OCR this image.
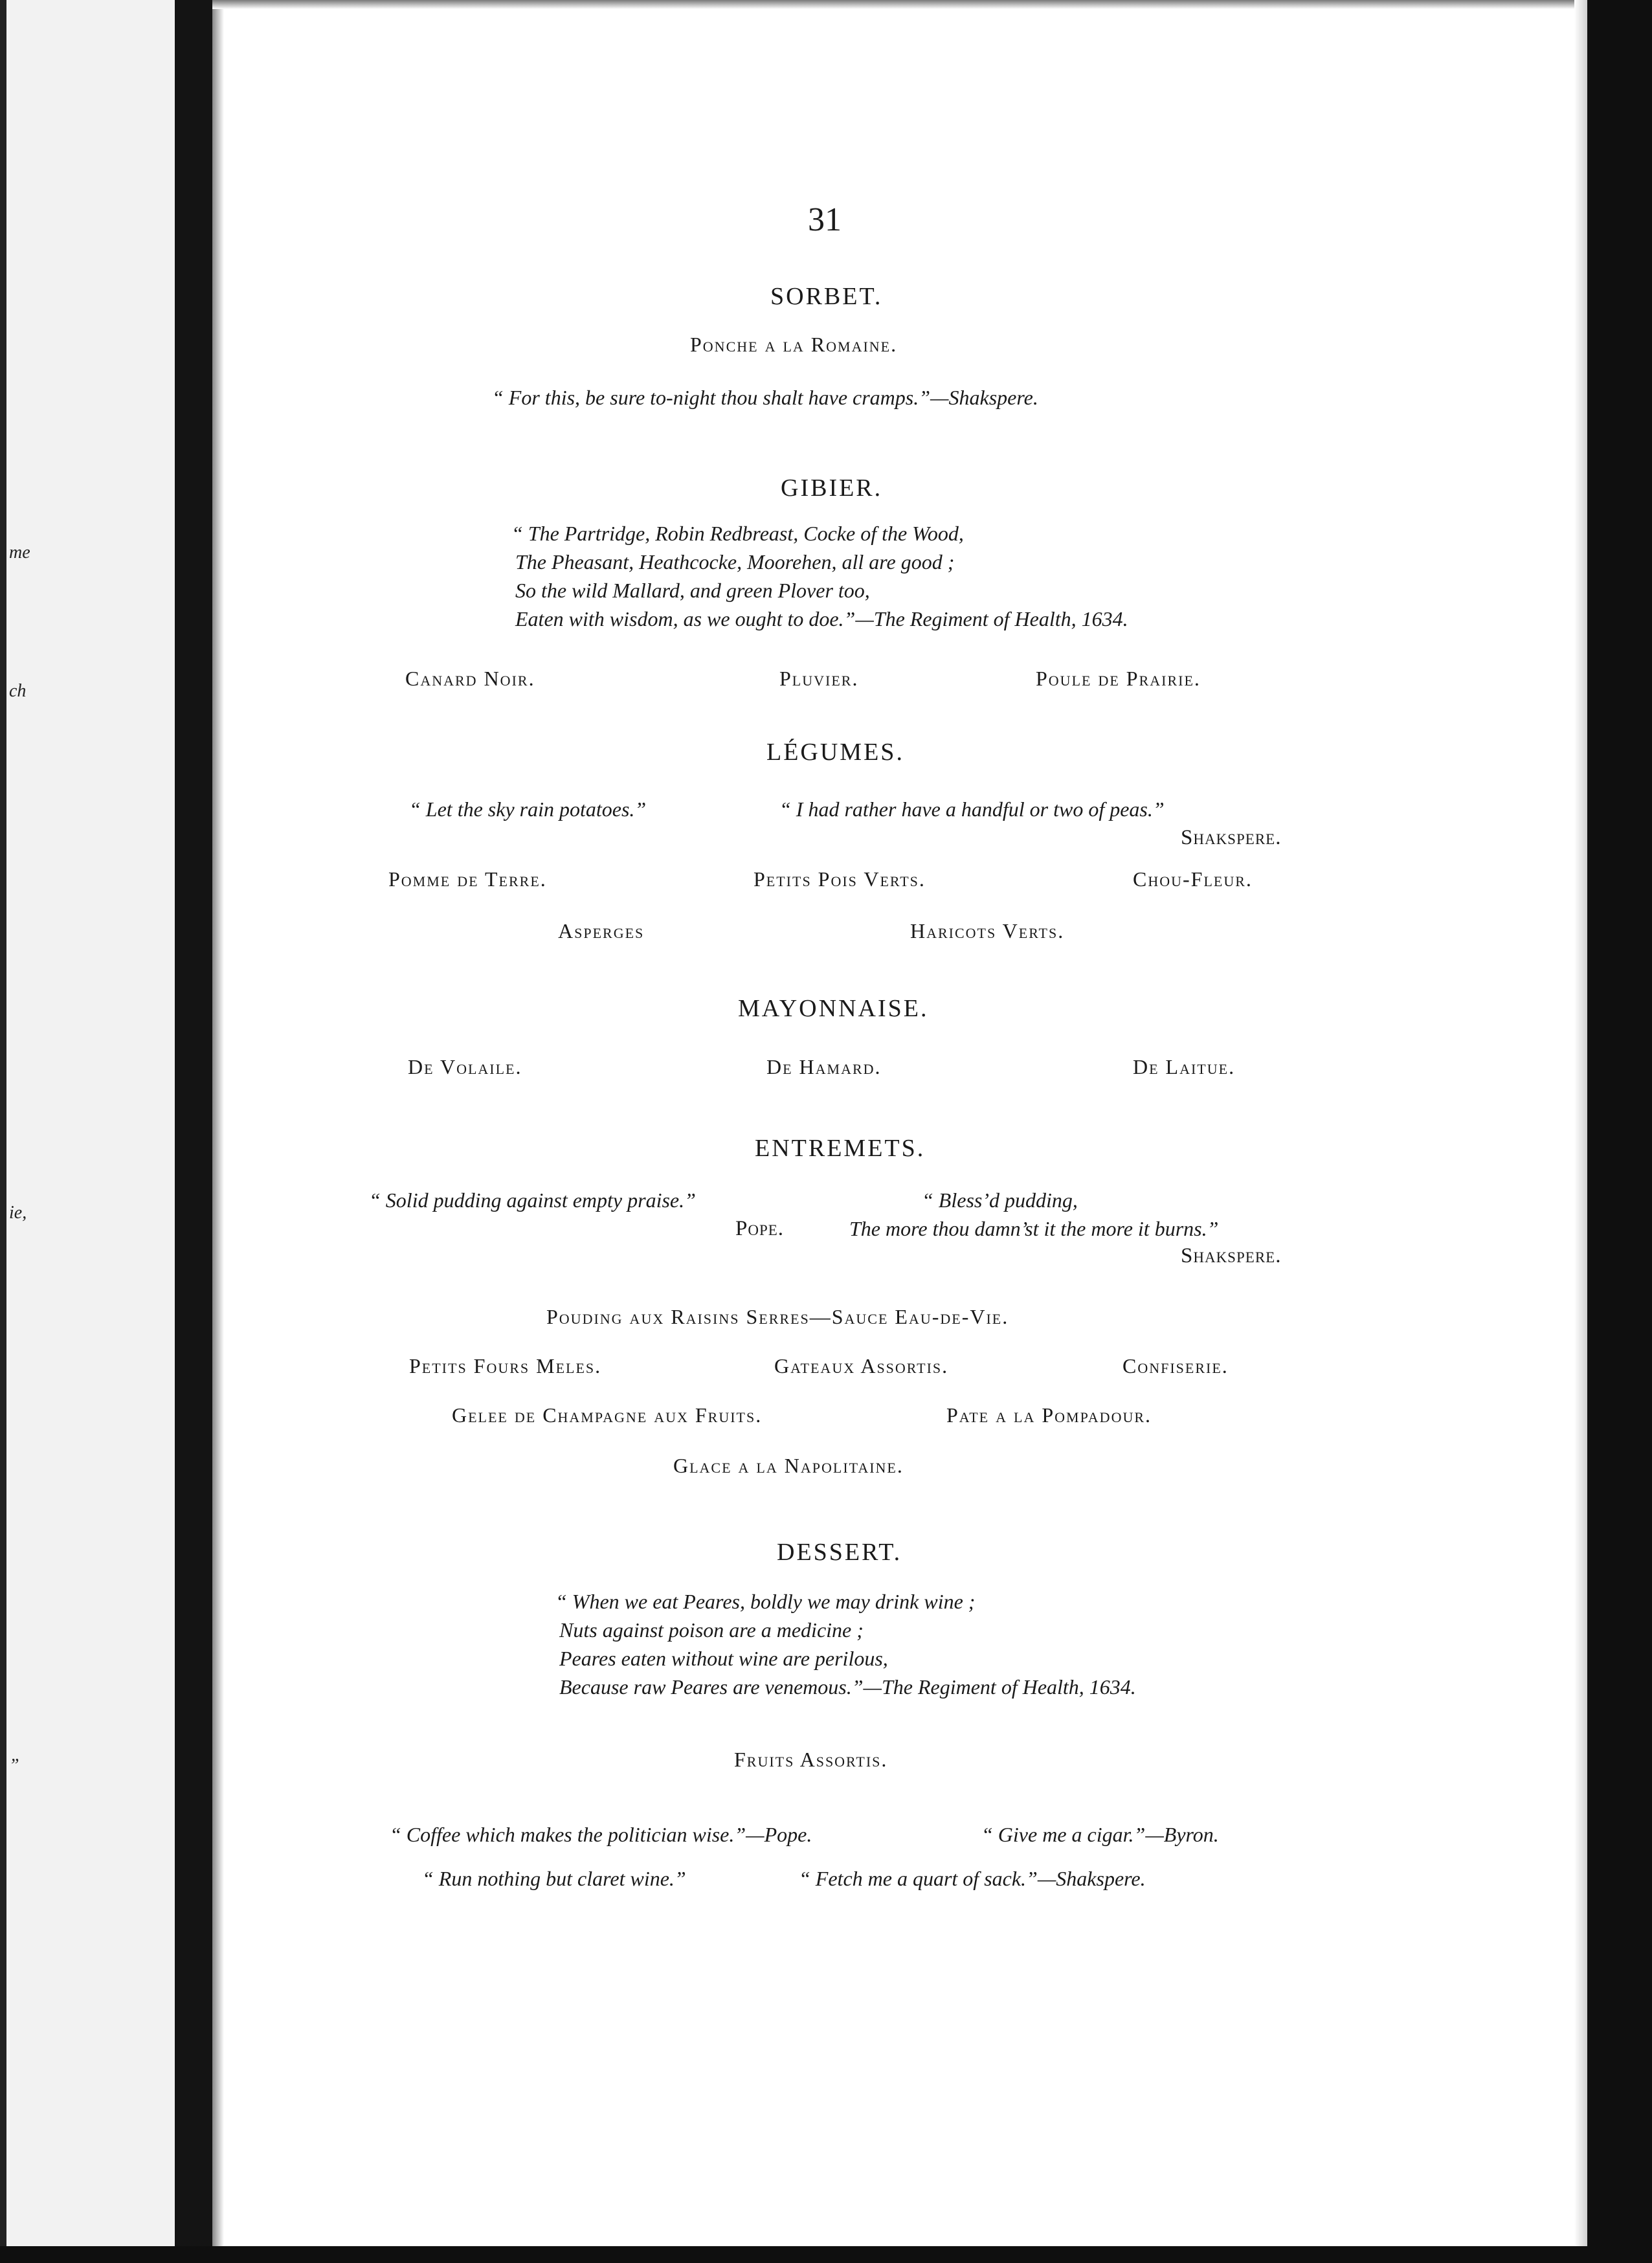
me
ch
ie,
”
31
SORBET.
Ponche a la Romaine.
“ For this, be sure to-night thou shalt have cramps.”—Shakspere.
GIBIER.
“ The Partridge, Robin Redbreast, Cocke of the Wood,
The Pheasant, Heathcocke, Moorehen, all are good ;
So the wild Mallard, and green Plover too,
Eaten with wisdom, as we ought to doe.”—The Regiment of Health, 1634.
Canard Noir.	Pluvier.	Poule de Prairie.
LÉGUMES.
“ Let the sky rain potatoes.”	“ I had rather have a handful or two of peas.”
Shakspere.
Pomme de Terre.	Petits Pois Verts.	Chou-Fleur.
Asperges	Haricots Verts.
MAYONNAISE.
De Volaile.	De Hamard.	De Laitue.
ENTREMETS.
“ Solid pudding against empty praise.”
Pope.
“ Bless’d pudding,
The more thou damn’st it the more it burns.”
Shakspere.
Pouding aux Raisins Serres—Sauce Eau-de-Vie.
Petits Fours Meles.	Gateaux Assortis.	Confiserie.
Gelee de Champagne aux Fruits.	Pate a la Pompadour.
Glace a la Napolitaine.
DESSERT.
“ When we eat Peares, boldly we may drink wine ;
Nuts against poison are a medicine ;
Peares eaten without wine are perilous,
Because raw Peares are venemous.”—The Regiment of Health, 1634.
Fruits Assortis.
“ Coffee which makes the politician wise.”—Pope.	“ Give me a cigar.”—Byron.
“ Run nothing but claret wine.”	“ Fetch me a quart of sack.”—Shakspere.
